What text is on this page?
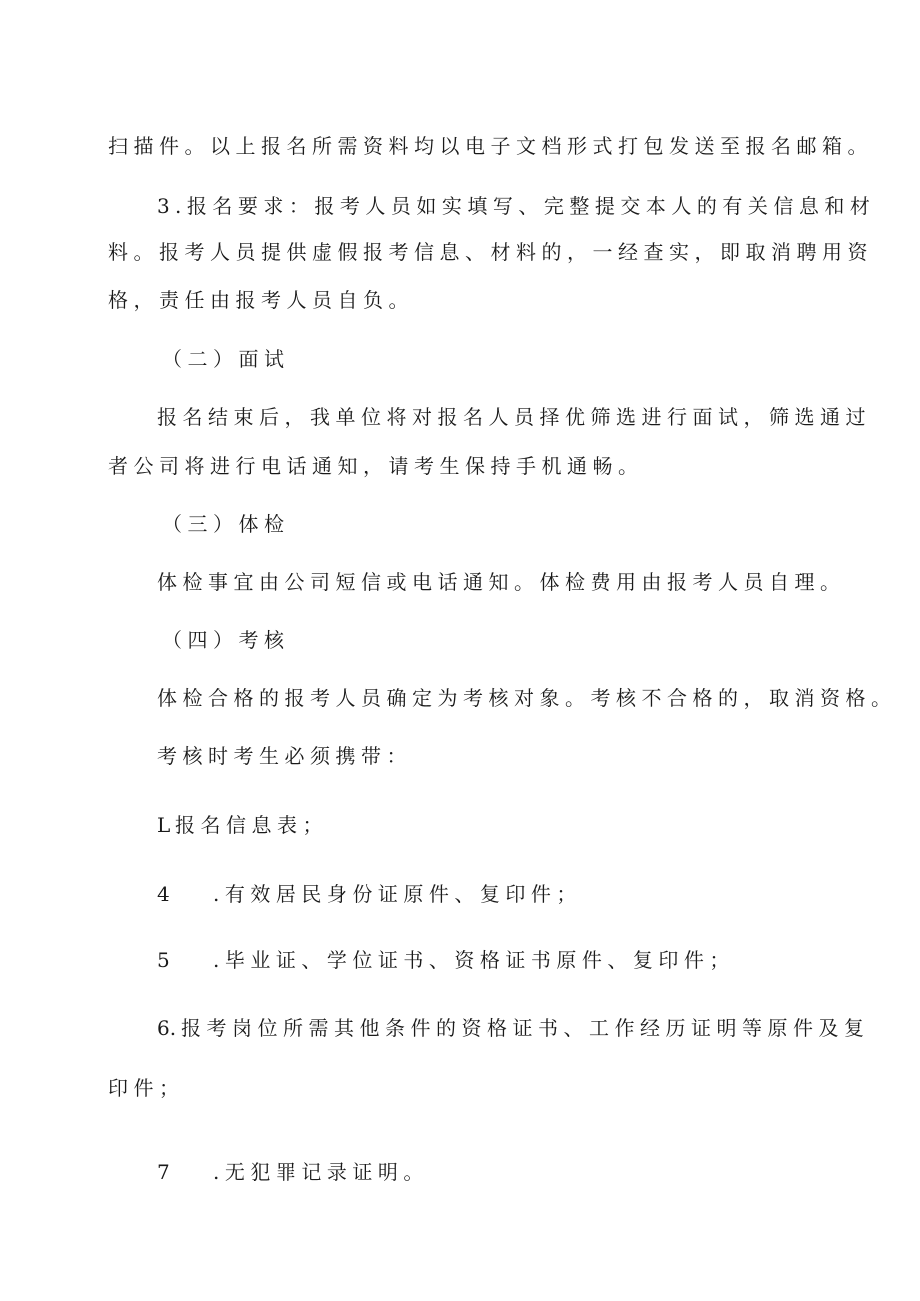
扫描件。以上报名所需资料均以电子文档形式打包发送至报名邮箱。
3 .报名要求：报考人员如实填写、完整提交本人的有关信息和材
料。报考人员提供虚假报考信息、材料的，一经查实，即取消聘用资
格，责任由报考人员自负。
（二）面试
报名结束后，我单位将对报名人员择优筛选进行面试，筛选通过
者公司将进行电话通知，请考生保持手机通畅。
（三）体检
体检事宜由公司短信或电话通知。体检费用由报考人员自理。
（四）考核
体检合格的报考人员确定为考核对象。考核不合格的，取消资格。
考核时考生必须携带：
L 报名信息表；
4 .有效居民身份证原件、复印件；
5 .毕业证、学位证书、资格证书原件、复印件；
6. 报考岗位所需其他条件的资格证书、工作经历证明等原件及复
印件；
7 .无犯罪记录证明。
